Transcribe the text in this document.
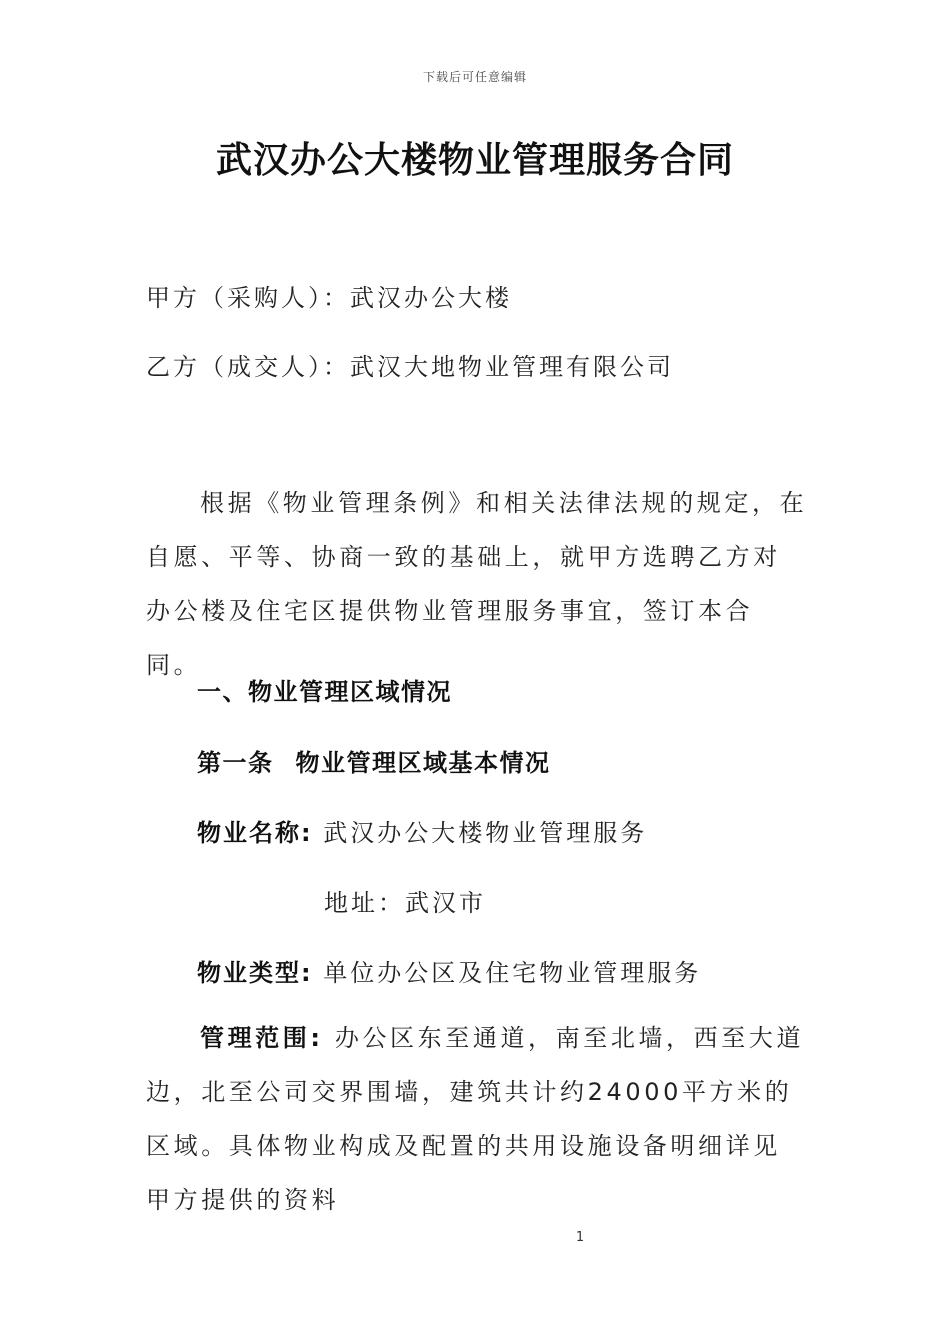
下载后可任意编辑
武汉办公大楼物业管理服务合同
甲方（采购人）：武汉办公大楼
乙方（成交人）：武汉大地物业管理有限公司
根据《物业管理条例》和相关法律法规的规定，在自愿、平等、协商一致的基础上，就甲方选聘乙方对办公楼及住宅区提供物业管理服务事宜，签订本合同。
一、物业管理区域情况
第一条 物业管理区域基本情况
物业名称: 武汉办公大楼物业管理服务
地址：武汉市
物业类型: 单位办公区及住宅物业管理服务
管理范围: 办公区东至通道，南至北墙，西至大道边，北至公司交界围墙，建筑共计约24000平方米的区域。具体物业构成及配置的共用设施设备明细详见甲方提供的资料
1
